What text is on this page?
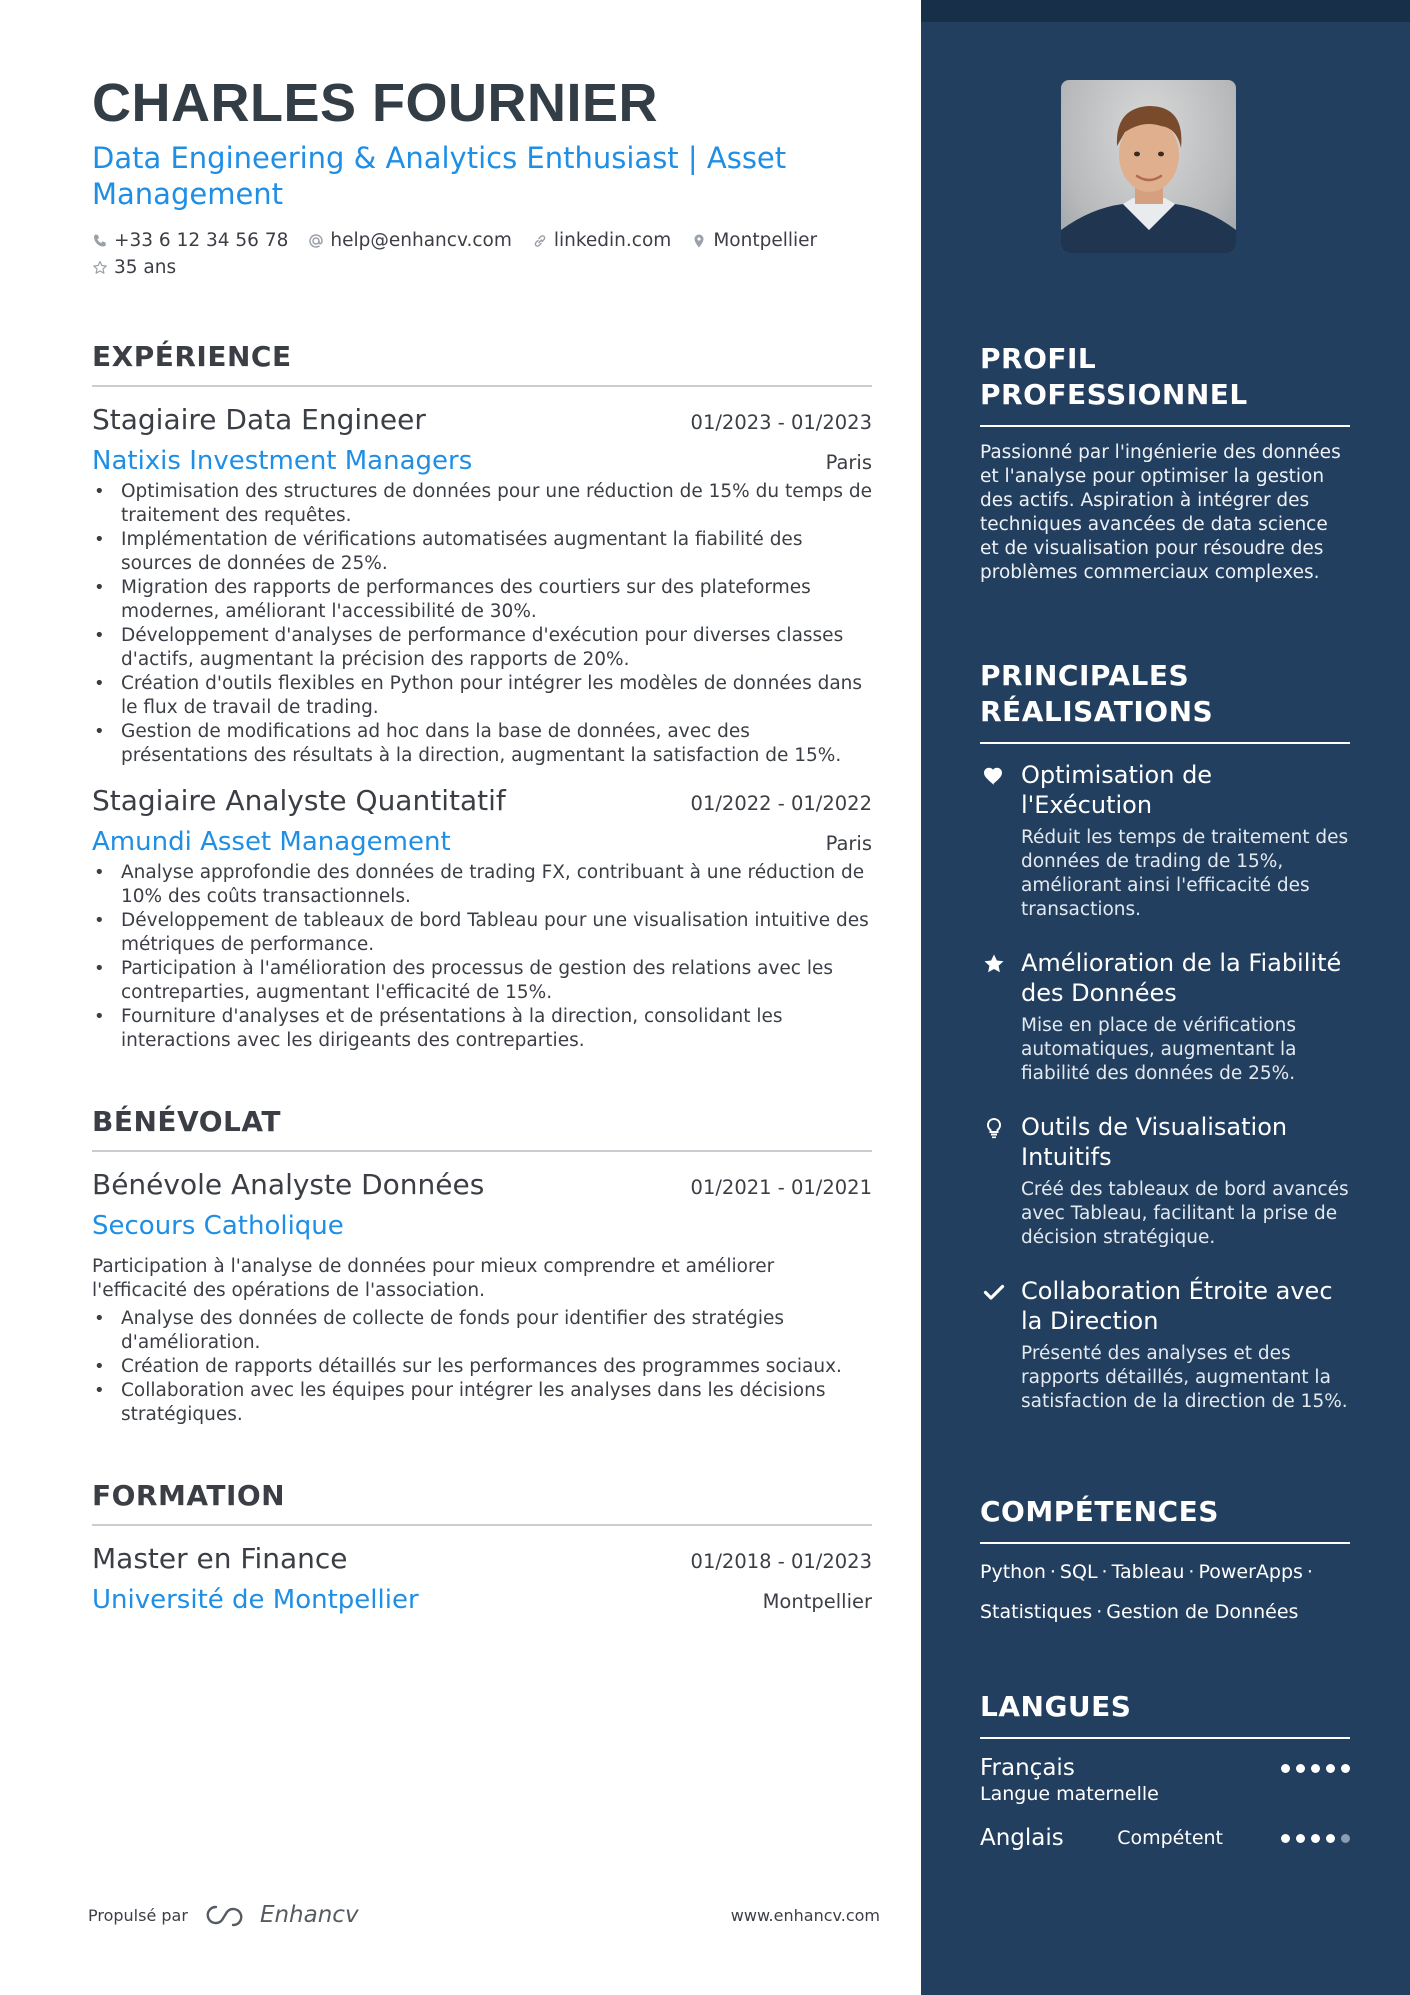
CHARLES FOURNIER
Data Engineering & Analytics Enthusiast | Asset Management
+33 6 12 34 56 78 help@enhancv.com linkedin.com Montpellier
35 ans
EXPÉRIENCE
Stagiaire Data Engineer	01/2023 - 01/2023
Natixis Investment Managers	Paris
• Optimisation des structures de données pour une réduction de 15% du temps de traitement des requêtes.
• Implémentation de vérifications automatisées augmentant la fiabilité des sources de données de 25%.
• Migration des rapports de performances des courtiers sur des plateformes modernes, améliorant l'accessibilité de 30%.
• Développement d'analyses de performance d'exécution pour diverses classes d'actifs, augmentant la précision des rapports de 20%.
• Création d'outils flexibles en Python pour intégrer les modèles de données dans le flux de travail de trading.
• Gestion de modifications ad hoc dans la base de données, avec des présentations des résultats à la direction, augmentant la satisfaction de 15%.
Stagiaire Analyste Quantitatif	01/2022 - 01/2022
Amundi Asset Management	Paris
• Analyse approfondie des données de trading FX, contribuant à une réduction de 10% des coûts transactionnels.
• Développement de tableaux de bord Tableau pour une visualisation intuitive des métriques de performance.
• Participation à l'amélioration des processus de gestion des relations avec les contreparties, augmentant l'efficacité de 15%.
• Fourniture d'analyses et de présentations à la direction, consolidant les interactions avec les dirigeants des contreparties.
BÉNÉVOLAT
Bénévole Analyste Données	01/2021 - 01/2021
Secours Catholique

Participation à l'analyse de données pour mieux comprendre et améliorer l'efficacité des opérations de l'association.

• Analyse des données de collecte de fonds pour identifier des stratégies d'amélioration.
• Création de rapports détaillés sur les performances des programmes sociaux.
• Collaboration avec les équipes pour intégrer les analyses dans les décisions stratégiques.
FORMATION
Master en Finance	01/2018 - 01/2023
Université de Montpellier	Montpellier
Propulsé par	Enhancv	www.enhancv.com
PROFIL PROFESSIONNEL

Passionné par l'ingénierie des données et l'analyse pour optimiser la gestion des actifs. Aspiration à intégrer des techniques avancées de data science et de visualisation pour résoudre des problèmes commerciaux complexes.

PRINCIPALES RÉALISATIONS
Optimisation de l'Exécution
Réduit les temps de traitement des données de trading de 15%, améliorant ainsi l'efficacité des transactions.
Amélioration de la Fiabilité des Données
Mise en place de vérifications automatiques, augmentant la fiabilité des données de 25%.
Outils de Visualisation Intuitifs
Créé des tableaux de bord avancés avec Tableau, facilitant la prise de décision stratégique.
Collaboration Étroite avec la Direction
Présenté des analyses et des rapports détaillés, augmentant la satisfaction de la direction de 15%.
COMPÉTENCES
Python · SQL · Tableau · PowerApps ·
Statistiques · Gestion de Données
LANGUES
Français
Langue maternelle
Anglais	Compétent
